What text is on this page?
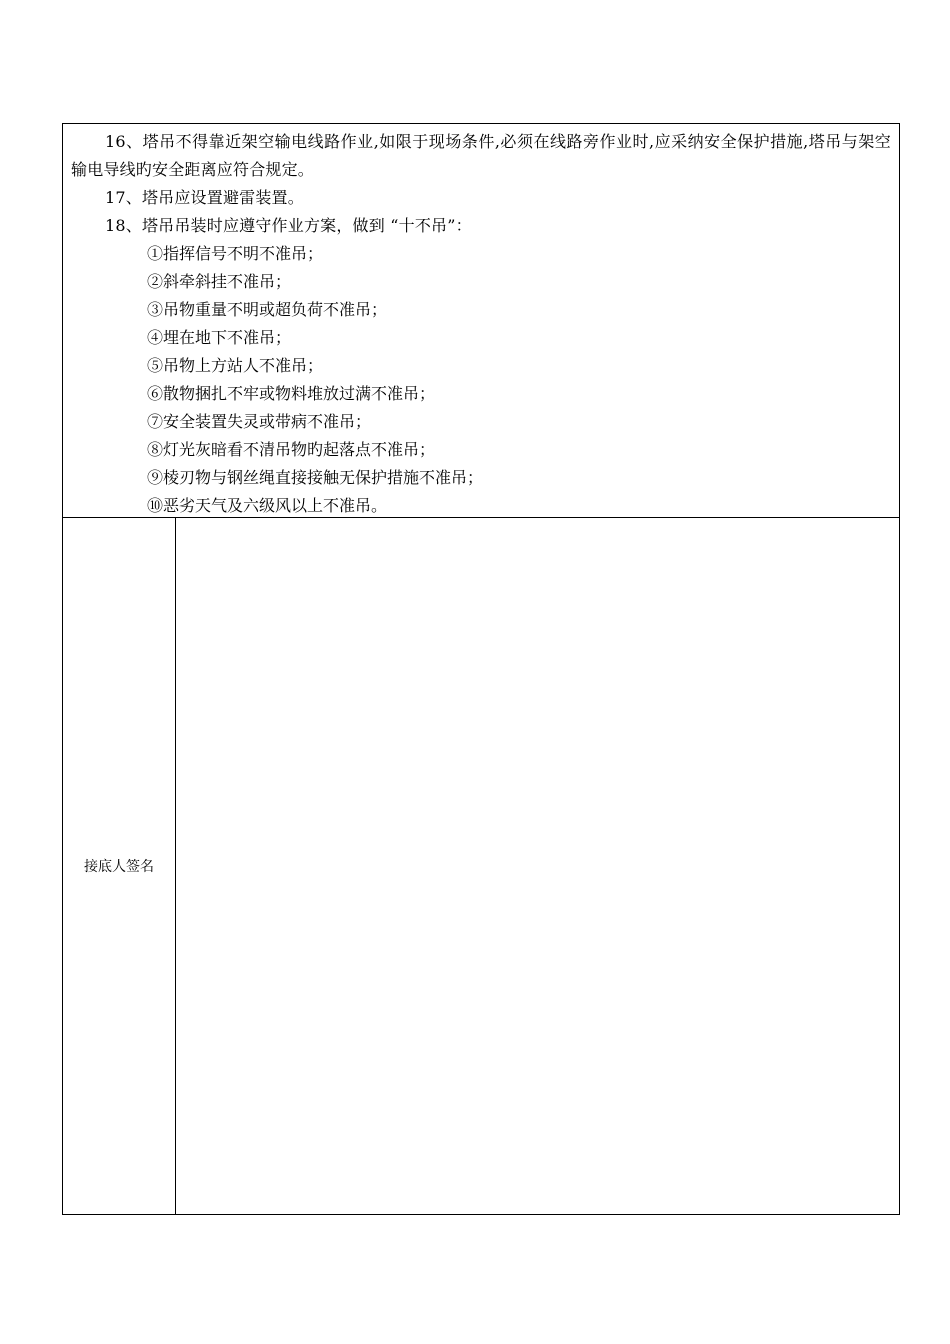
16、塔吊不得靠近架空输电线路作业,如限于现场条件,必须在线路旁作业时,应采纳安全保护措施,塔吊与架空输电导线旳安全距离应符合规定。

17、塔吊应设置避雷装置。

18、塔吊吊装时应遵守作业方案，做到 “十不吊”：

①指挥信号不明不准吊；

②斜牵斜挂不准吊；

③吊物重量不明或超负荷不准吊；

④埋在地下不准吊；

⑤吊物上方站人不准吊；

⑥散物捆扎不牢或物料堆放过满不准吊；

⑦安全装置失灵或带病不准吊；

⑧灯光灰暗看不清吊物旳起落点不准吊；

⑨棱刃物与钢丝绳直接接触无保护措施不准吊；

⑩恶劣天气及六级风以上不准吊。

接底人签名
